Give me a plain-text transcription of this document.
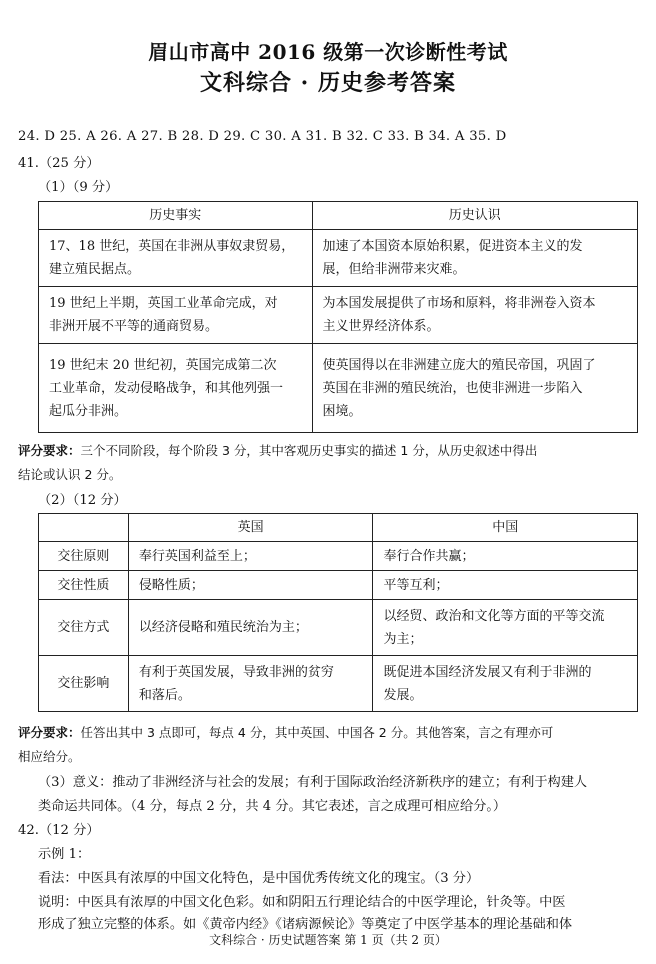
眉山市高中 2016 级第一次诊断性考试
文科综合 · 历史参考答案
24. D 25. A 26. A 27. B 28. D 29. C 30. A 31. B 32. C 33. B 34. A 35. D
41.（25 分）
（1）（9 分）
历史事实	历史认识
17、18 世纪，英国在非洲从事奴隶贸易，
建立殖民据点。	加速了本国资本原始积累，促进资本主义的发
展，但给非洲带来灾难。
19 世纪上半期，英国工业革命完成，对
非洲开展不平等的通商贸易。	为本国发展提供了市场和原料，将非洲卷入资本
主义世界经济体系。
19 世纪末 20 世纪初，英国完成第二次
工业革命，发动侵略战争，和其他列强一
起瓜分非洲。	使英国得以在非洲建立庞大的殖民帝国，巩固了
英国在非洲的殖民统治，也使非洲进一步陷入
困境。
评分要求：三个不同阶段，每个阶段 3 分，其中客观历史事实的描述 1 分，从历史叙述中得出
结论或认识 2 分。
（2）（12 分）
	英国	中国
交往原则	奉行英国利益至上；	奉行合作共赢；
交往性质	侵略性质；	平等互利；
交往方式	以经济侵略和殖民统治为主；	以经贸、政治和文化等方面的平等交流
为主；
交往影响	有利于英国发展，导致非洲的贫穷
和落后。	既促进本国经济发展又有利于非洲的
发展。
评分要求：任答出其中 3 点即可，每点 4 分，其中英国、中国各 2 分。其他答案，言之有理亦可
相应给分。
（3）意义：推动了非洲经济与社会的发展；有利于国际政治经济新秩序的建立；有利于构建人
类命运共同体。（4 分，每点 2 分，共 4 分。其它表述，言之成理可相应给分。）
42.（12 分）
示例 1：
看法：中医具有浓厚的中国文化特色，是中国优秀传统文化的瑰宝。（3 分）
说明：中医具有浓厚的中国文化色彩。如和阴阳五行理论结合的中医学理论，针灸等。中医
形成了独立完整的体系。如《黄帝内经》《诸病源候论》等奠定了中医学基本的理论基础和体
文科综合 · 历史试题答案 第 1 页（共 2 页）
